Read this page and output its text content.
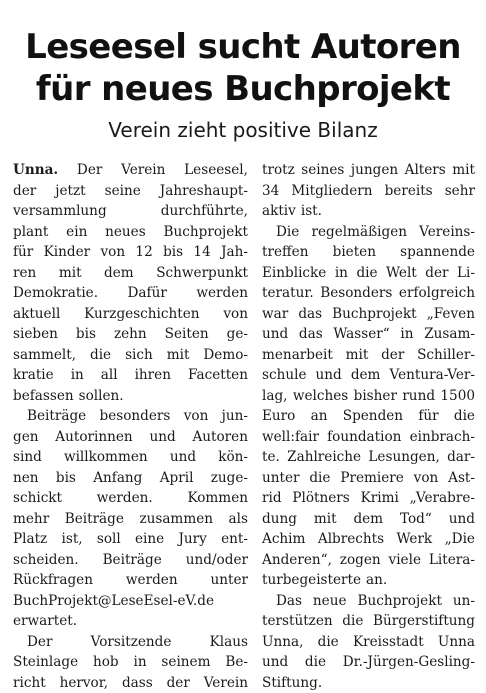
Leseesel sucht Autoren
für neues Buchprojekt
Verein zieht positive Bilanz
Unna. Der Verein Leseesel,
der jetzt seine Jahreshaupt-
versammlung	durchführte,
plant ein neues Buchprojekt
für Kinder von 12 bis 14 Jah-
ren mit dem Schwerpunkt
Demokratie. Dafür werden
aktuell Kurzgeschichten von
sieben bis zehn Seiten ge-
sammelt, die sich mit Demo-
kratie in all ihren Facetten
befassen sollen.
Beiträge besonders von jun-
gen Autorinnen und Autoren
sind willkommen und kön-
nen bis Anfang April zuge-
schickt	werden.	Kommen
mehr Beiträge zusammen als
Platz ist, soll eine Jury ent-
scheiden. Beiträge und/oder
Rückfragen werden unter
BuchProjekt@LeseEsel-eV.de
erwartet.
Der	Vorsitzende	Klaus
Steinlage hob in seinem Be-
richt hervor, dass der Verein
trotz seines jungen Alters mit
34 Mitgliedern bereits sehr
aktiv ist.
Die regelmäßigen Vereins-
treffen bieten spannende
Einblicke in die Welt der Li-
teratur. Besonders erfolgreich
war das Buchprojekt „Feven
und das Wasser“ in Zusam-
menarbeit mit der Schiller-
schule und dem Ventura-Ver-
lag, welches bisher rund 1500
Euro an Spenden für die
well:fair foundation einbrach-
te. Zahlreiche Lesungen, dar-
unter die Premiere von Ast-
rid Plötners Krimi „Verabre-
dung mit dem Tod“ und
Achim Albrechts Werk „Die
Anderen“, zogen viele Litera-
turbegeisterte an.
Das neue Buchprojekt un-
terstützen die Bürgerstiftung
Unna, die Kreisstadt Unna
und die Dr.-Jürgen-Gesling-
Stiftung.
